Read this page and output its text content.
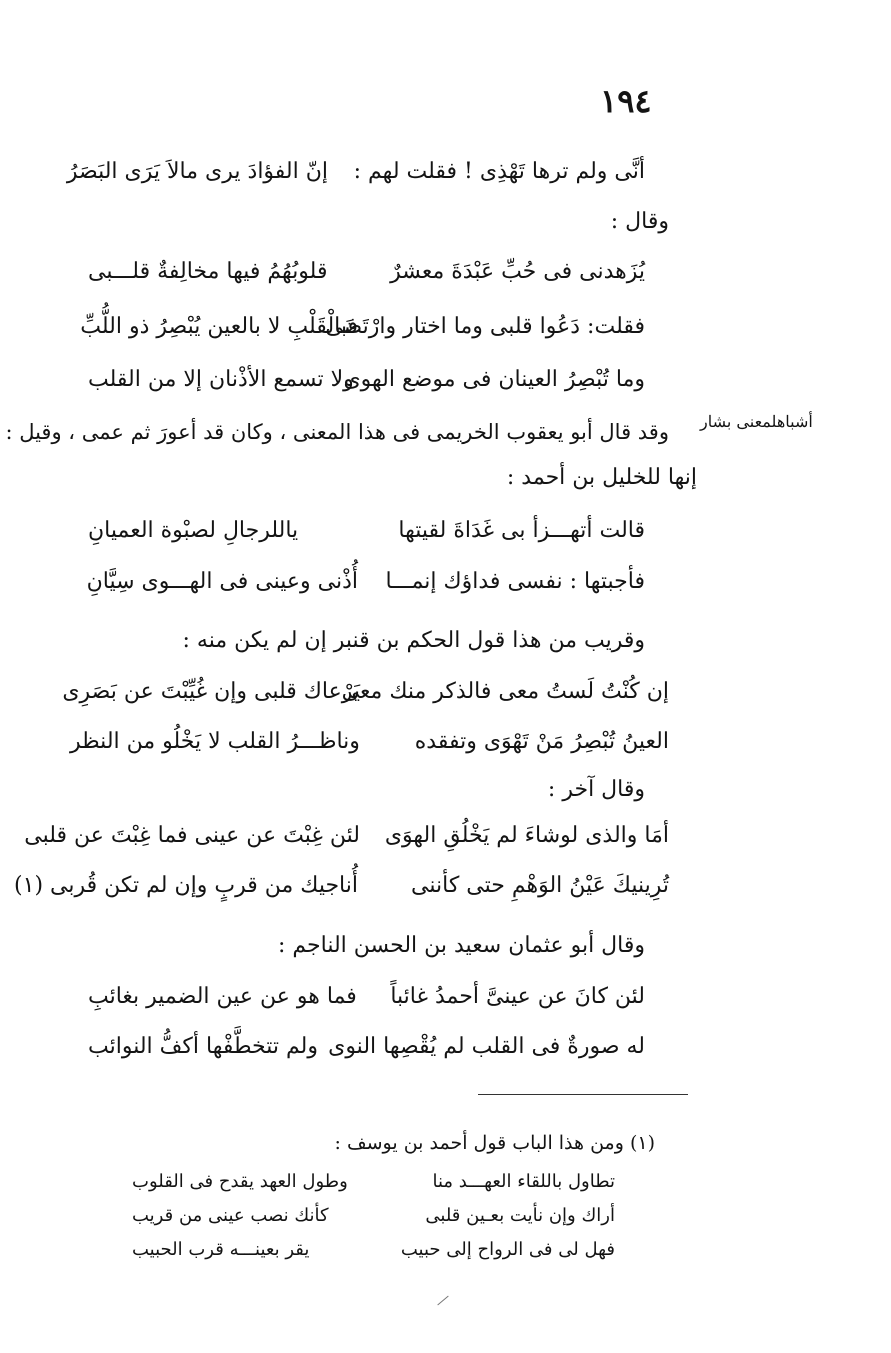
١٩٤
أشباهلمعنى بشار
أنَّى ولم ترها تَهْذِى ! فقلت لهم :
إنّ الفؤادَ يرى مالاَ يَرَى البَصَرُ
وقال :
يُزَهدنى فى حُبِّ عَبْدَةَ معشرٌ
قلوبُهُمُ فيها مخالِفةٌ قلـــبى
فقلت: دَعُوا قلبى وما اختار وارْتَضَى
فبالْقَلْبِ لا بالعين يُبْصِرُ ذو اللُّبِّ
وما تُبْصِرُ العينان فى موضع الهوى
ولا تسمع الأذْنان إلا من القلب
وقد قال أبو يعقوب الخريمى فى هذا المعنى ، وكان قد أعورَ ثم عمى ، وقيل :
إنها للخليل بن أحمد :
قالت أتهـــزأ بى غَدَاةَ لقيتها
ياللرجالِ لصبْوة العميانِ
فأجبتها : نفسى فداؤك إنمـــا
أُذْنى وعينى فى الهـــوى سِيَّانِ
وقريب من هذا قول الحكم بن قنبر إن لم يكن منه :
إن كُنْتُ لَستُ معى فالذكر منك معى
يَرْعاك قلبى وإن غُيِّبْتَ عن بَصَرِى
العينُ تُبْصِرُ مَنْ تَهْوَى وتفقده
وناظـــرُ القلب لا يَخْلُو من النظر
وقال آخر :
أمَا والذى لوشاءَ لم يَخْلُقِ الهوَى
لئن غِبْتَ عن عينى فما غِبْتَ عن قلبى
تُرِينيكَ عَيْنُ الوَهْمِ حتى كأننى
أُناجيك من قربٍ وإن لم تكن قُربى (١)
وقال أبو عثمان سعيد بن الحسن الناجم :
لئن كانَ عن عينىَّ أحمدُ غائباً
فما هو عن عين الضمير بغائبِ
له صورةٌ فى القلب لم يُقْصِها النوى
ولم تتخطَّفْها أكفُّ النوائب
(١) ومن هذا الباب قول أحمد بن يوسف :
تطاول باللقاء العهـــد منا
وطول العهد يقدح فى القلوب
أراك وإن نأيت بعـين قلبى
كأنك نصب عينى من قريب
فهل لى فى الرواح إلى حبيب
يقر بعينـــه قرب الحبيب
